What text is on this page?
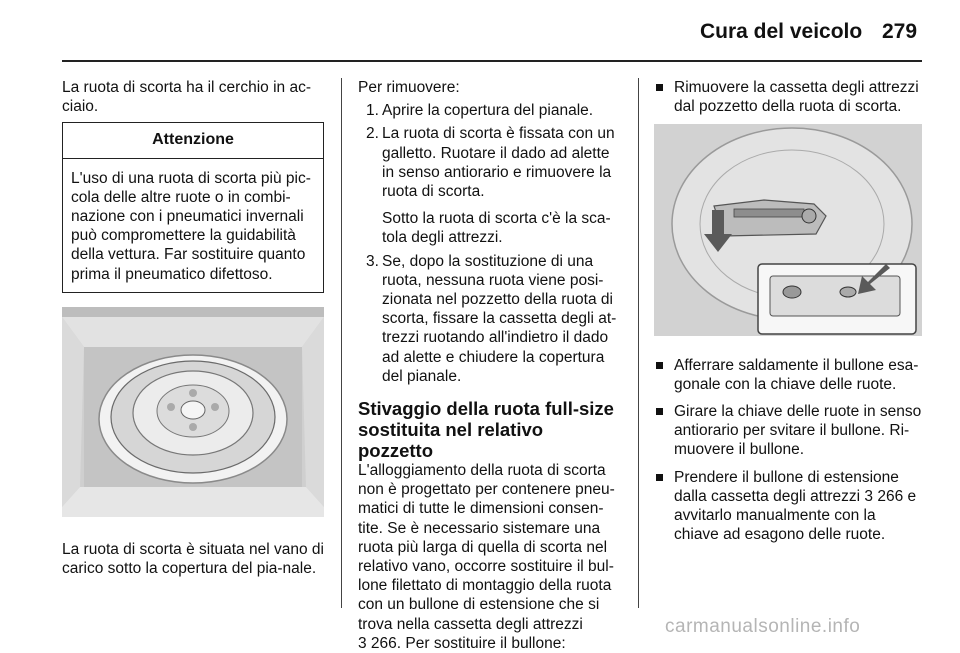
Cura del veicolo 279

La ruota di scorta ha il cerchio in ac-ciaio.

Attenzione
L'uso di una ruota di scorta più pic-cola delle altre ruote o in combi-nazione con i pneumatici invernali può compromettere la guidabilità della vettura. Far sostituire quanto prima il pneumatico difettoso.

La ruota di scorta è situata nel vano di carico sotto la copertura del pia-nale.

Per rimuovere:

1. Aprire la copertura del pianale.
2. La ruota di scorta è fissata con un galletto. Ruotare il dado ad alette in senso antiorario e rimuovere la ruota di scorta.
Sotto la ruota di scorta c'è la sca-tola degli attrezzi.
3. Se, dopo la sostituzione di una ruota, nessuna ruota viene posi-zionata nel pozzetto della ruota di scorta, fissare la cassetta degli at-trezzi ruotando all'indietro il dado ad alette e chiudere la copertura del pianale.
Stivaggio della ruota full-size sostituita nel relativo pozzetto

L'alloggiamento della ruota di scorta non è progettato per contenere pneu-matici di tutte le dimensioni consen-tite. Se è necessario sistemare una ruota più larga di quella di scorta nel relativo vano, occorre sostituire il bul-lone filettato di montaggio della ruota con un bullone di estensione che si trova nella cassetta degli attrezzi
3 266. Per sostituire il bullone:

Rimuovere la cassetta degli attrezzi dal pozzetto della ruota di scorta.
Afferrare saldamente il bullone esa-gonale con la chiave delle ruote.
Girare la chiave delle ruote in senso antiorario per svitare il bullone. Ri-muovere il bullone.
Prendere il bullone di estensione dalla cassetta degli attrezzi 3 266 e avvitarlo manualmente con la chiave ad esagono delle ruote.
carmanualsonline.info
